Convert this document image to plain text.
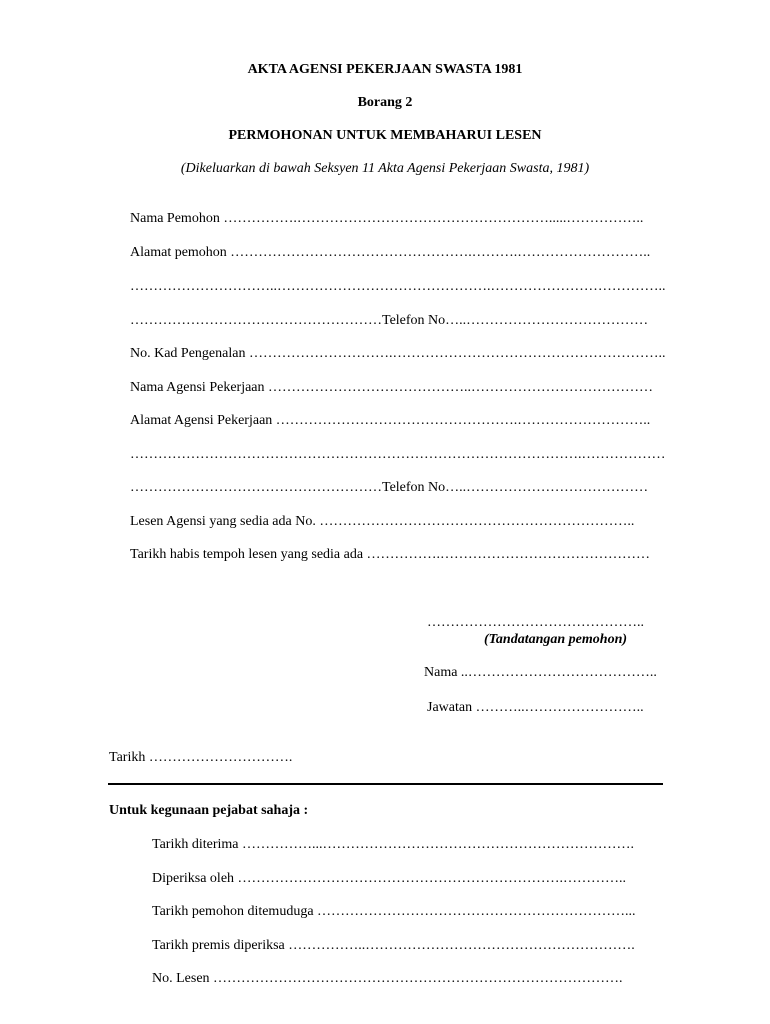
AKTA AGENSI PEKERJAAN SWASTA 1981
Borang 2
PERMOHONAN UNTUK MEMBAHARUI LESEN
(Dikeluarkan di bawah Seksyen 11 Akta Agensi Pekerjaan Swasta, 1981)
Nama Pemohon …………….……………………………………………….....……………..
Alamat pemohon …………………………………………….……….………………………..
…………………………..……………………………………….………………………………..
………………………………………………Telefon No…..…………………………………
No. Kad Pengenalan ………………………….…………………………………………………..
Nama Agensi Pekerjaan ……………………………………..…………………………………
Alamat Agensi Pekerjaan …………………………………………….………………………..
…………………………………………………………………………………….………………
………………………………………………Telefon No…..…………………………………
Lesen Agensi yang sedia ada No. …………………………………………………………..
Tarikh habis tempoh lesen yang sedia ada …………….………………………………………
………………………………………..
(Tandatangan pemohon)
Nama ..…………………………………..
Jawatan ………..……………………..
Tarikh ………………………….
Untuk kegunaan pejabat sahaja :
Tarikh diterima ……………...………………………………………………………….
Diperiksa oleh …………………………………………………………….…………..
Tarikh pemohon ditemuduga …………………………………………………………...
Tarikh premis diperiksa ……………..………………………………………………….
No. Lesen …………………………………………………………………………….
